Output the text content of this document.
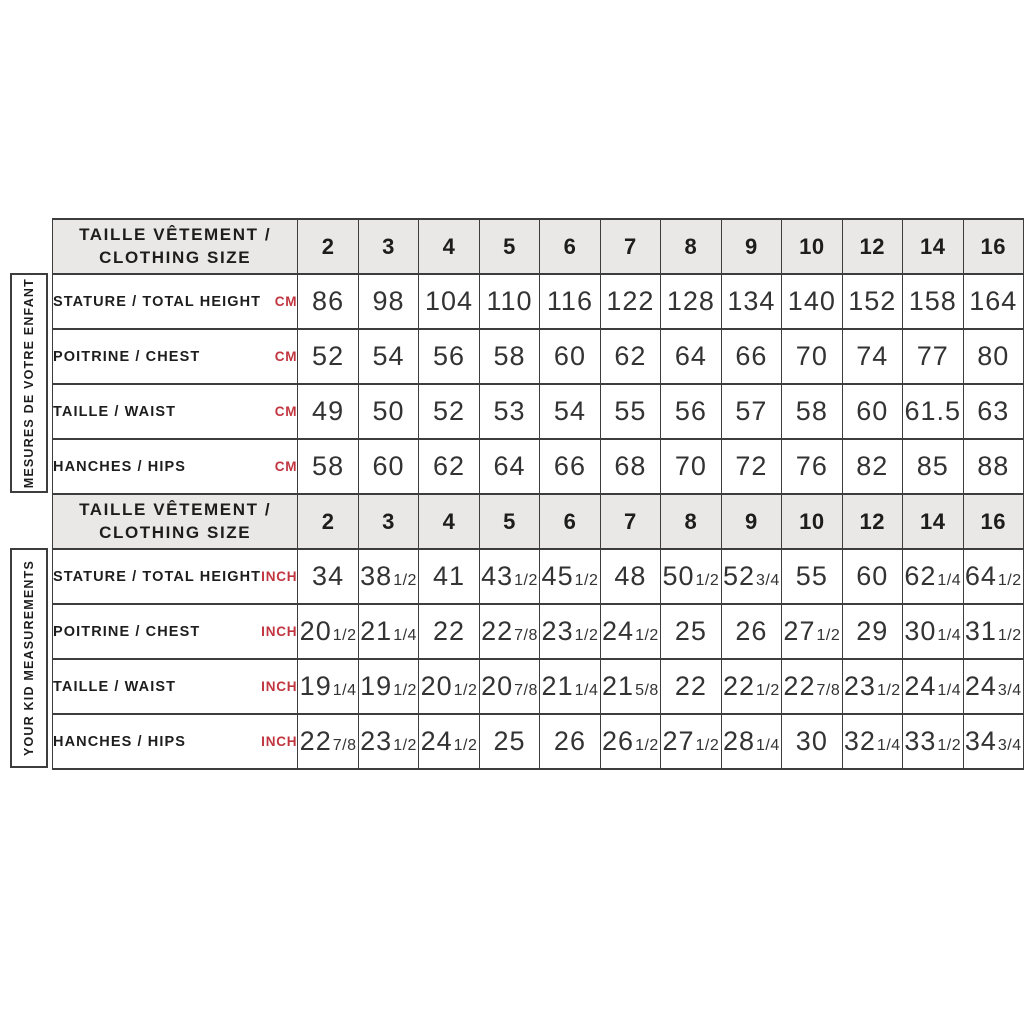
MESURES DE VOTRE ENFANT
YOUR KID MEASUREMENTS
TAILLE VÊTEMENT /
CLOTHING SIZE	2	3	4	5	6	7	8	9	10	12	14	16

STATURE / TOTAL HEIGHT CM	86	98	104	110	116	122	128	134	140	152	158	164

POITRINE / CHEST CM	52	54	56	58	60	62	64	66	70	74	77	80

TAILLE / WAIST CM	49	50	52	53	54	55	56	57	58	60	61.5	63

HANCHES / HIPS CM	58	60	62	64	66	68	70	72	76	82	85	88
TAILLE VÊTEMENT /
CLOTHING SIZE	2	3	4	5	6	7	8	9	10	12	14	16

STATURE / TOTAL HEIGHT INCH	34	381/2	41	431/2	451/2	48	501/2	523/4	55	60	621/4	641/2

POITRINE / CHEST INCH	201/2	211/4	22	227/8	231/2	241/2	25	26	271/2	29	301/4	311/2

TAILLE / WAIST INCH	191/4	191/2	201/2	207/8	211/4	215/8	22	221/2	227/8	231/2	241/4	243/4

HANCHES / HIPS INCH	227/8	231/2	241/2	25	26	261/2	271/2	281/4	30	321/4	331/2	343/4
